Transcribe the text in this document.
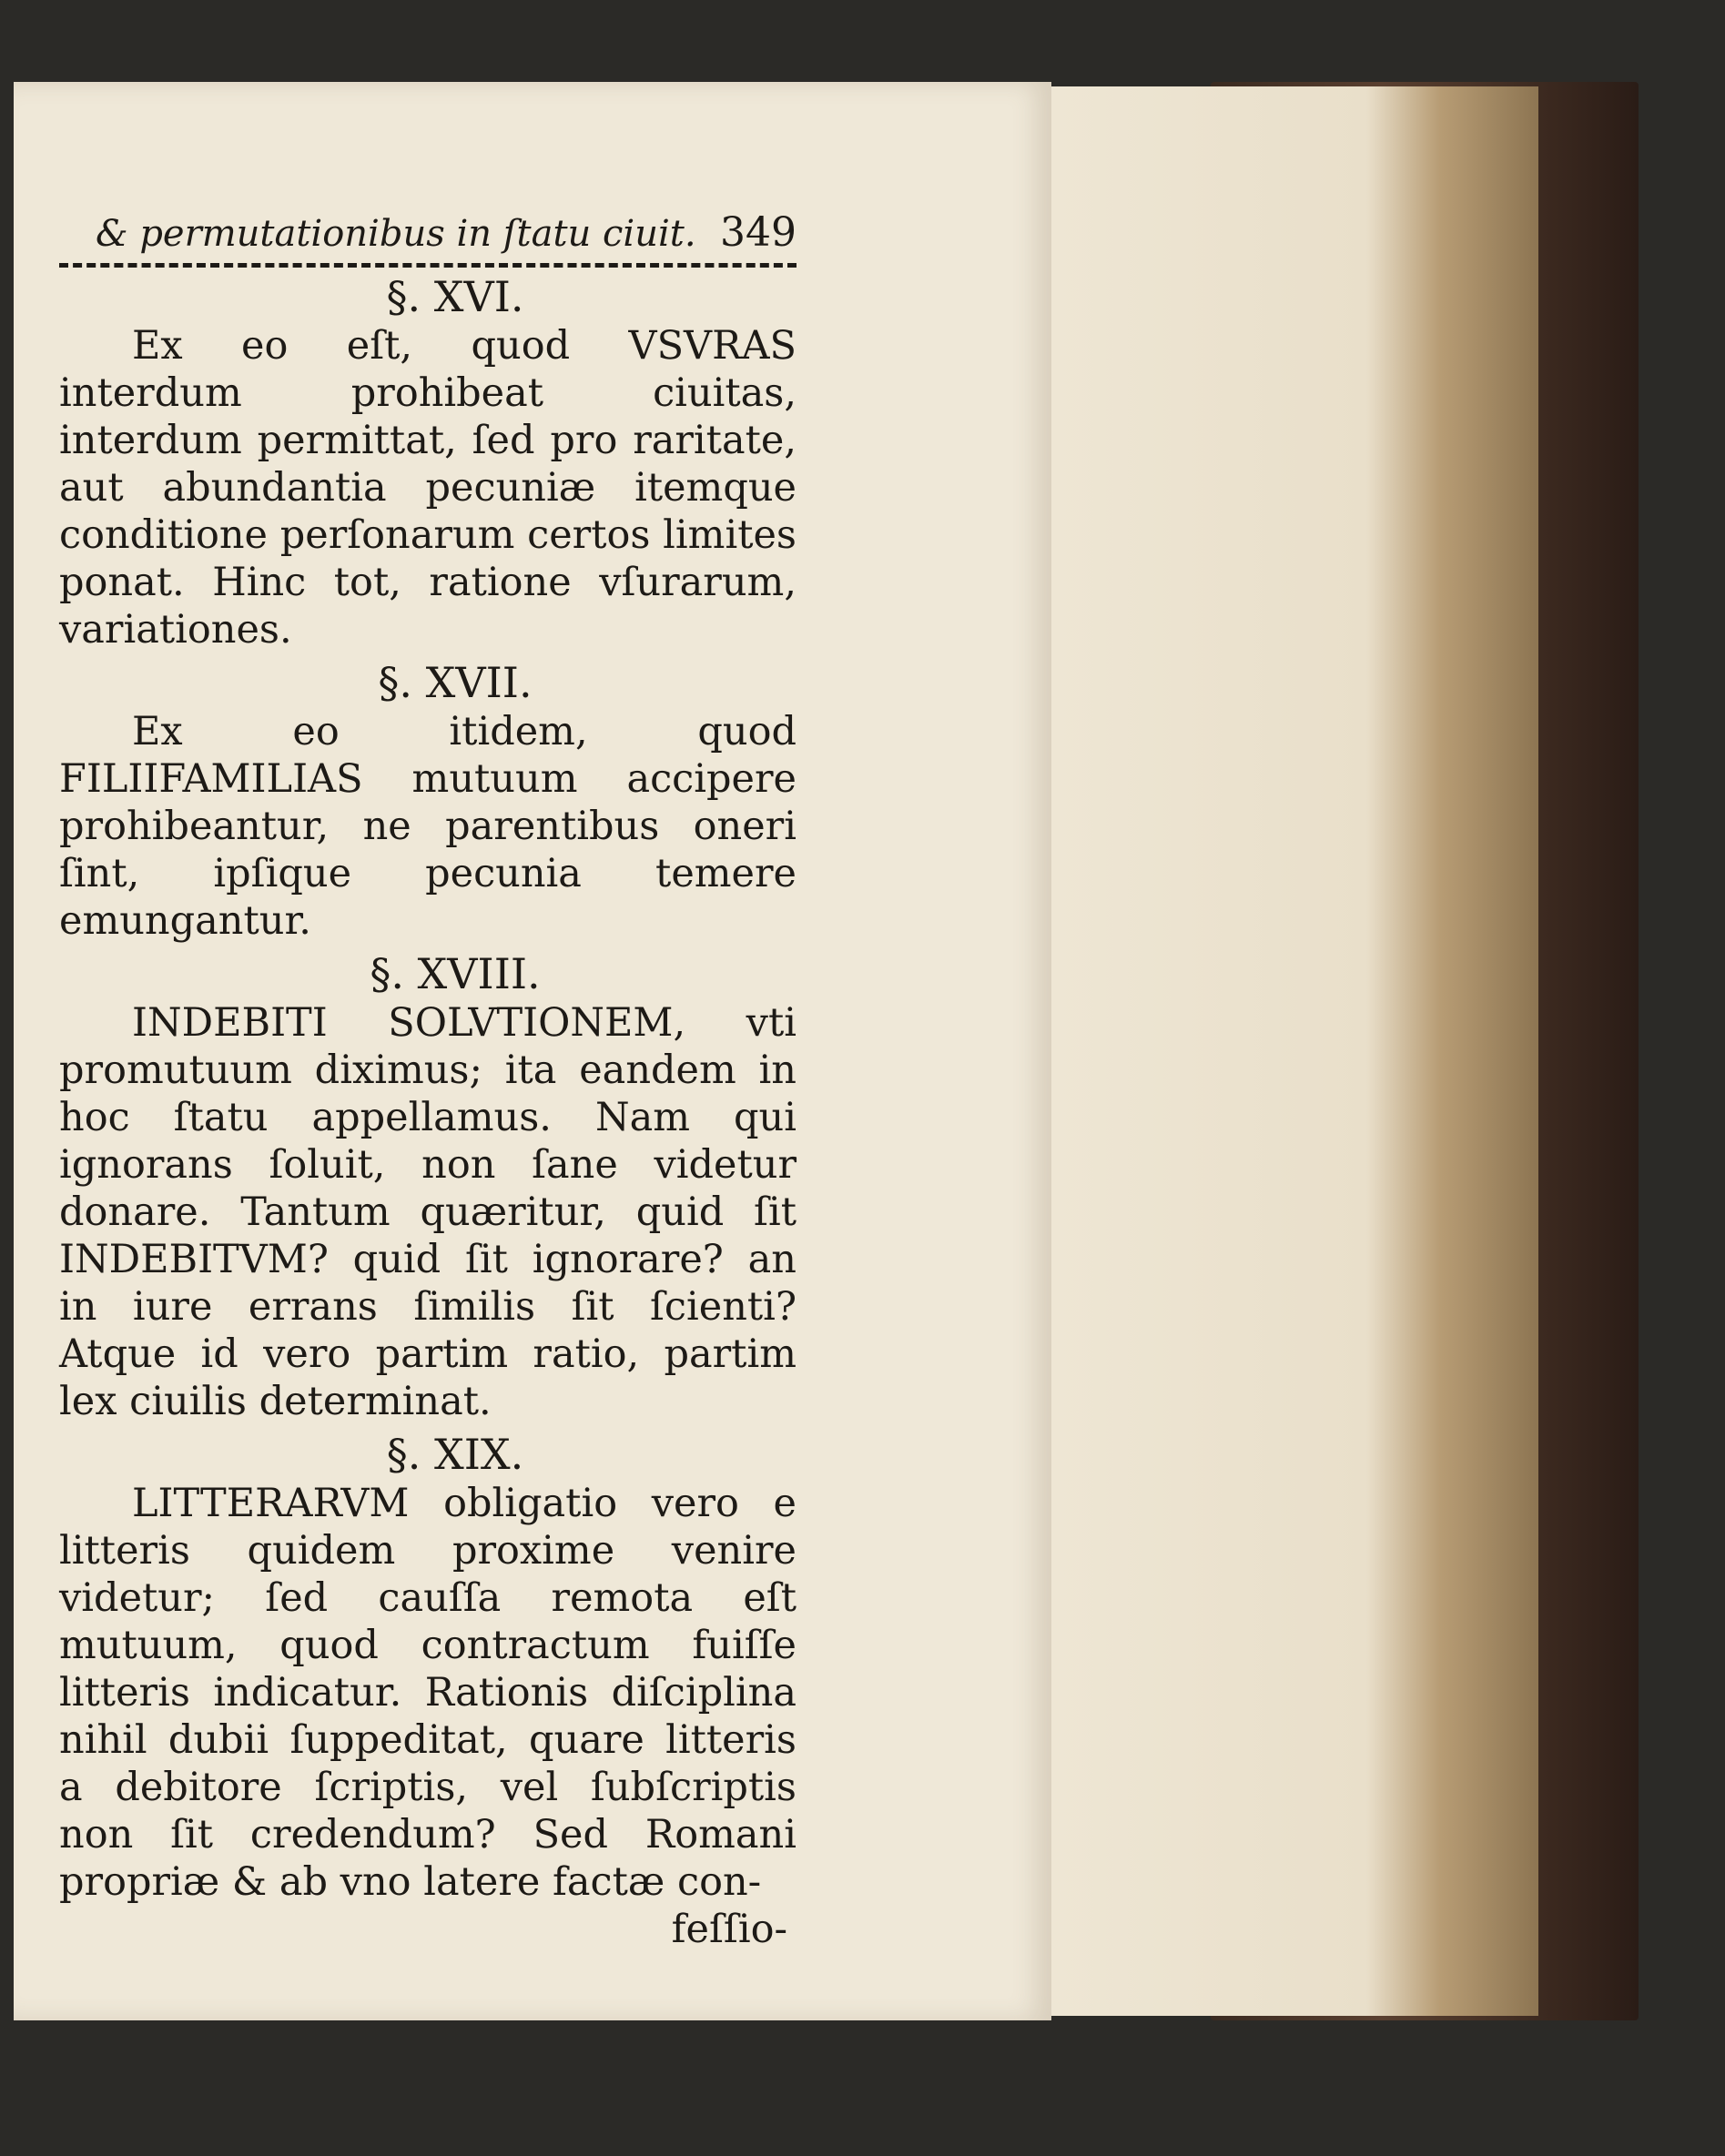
& permutationibus in ſtatu ciuit. 349
§. XVI.

Ex eo eſt, quod VSVRAS interdum prohibeat ciuitas, interdum permittat, ſed pro raritate, aut abundantia pecuniæ itemque conditione perſonarum certos limites ponat. Hinc tot, ratione vſurarum, variationes.

§. XVII.

Ex eo itidem, quod FILIIFAMILIAS mutuum accipere prohibeantur, ne parentibus oneri ſint, ipſique pecunia temere emungantur.

§. XVIII.

INDEBITI SOLVTIONEM, vti promutuum diximus; ita eandem in hoc ſtatu appellamus. Nam qui ignorans ſoluit, non ſane videtur donare. Tantum quæritur, quid ſit INDEBITVM? quid ſit ignorare? an in iure errans ſimilis ſit ſcienti? Atque id vero partim ratio, partim lex ciuilis determinat.

§. XIX.

LITTERARVM obligatio vero e litteris quidem proxime venire videtur; ſed cauſſa remota eſt mutuum, quod contractum fuiſſe litteris indicatur. Rationis diſciplina nihil dubii ſuppeditat, quare litteris a debitore ſcriptis, vel ſubſcriptis non ſit credendum? Sed Romani propriæ & ab vno latere factæ con-

feſſio-
